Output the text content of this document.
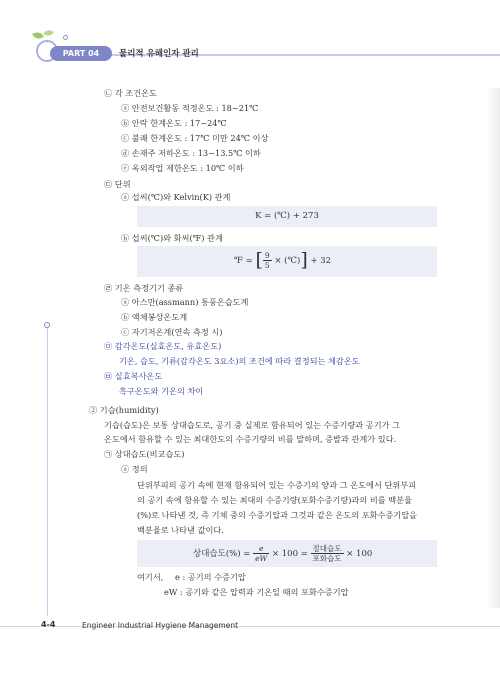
PART 04	물리적 유해인자 관리
㉡ 각 조건온도
ⓐ 안전보건활동 적정온도 : 18~21℃
ⓑ 안락 한계온도 : 17~24℃
ⓒ 불쾌 한계온도 : 17℃ 미만 24℃ 이상
ⓓ 손재주 저하온도 : 13~13.5℃ 이하
ⓔ 옥외작업 제한온도 : 10℃ 이하
㉢ 단위
ⓐ 섭씨(℃)와 Kelvin(K) 관계
K = (℃) + 273
ⓑ 섭씨(℃)와 화씨(℉) 관계
℉ = [ $\frac{9}{5}$ × (℃)] + 32
㉣ 기온 측정기기 종류
ⓐ 아스만(assmann) 통풍온습도계
ⓑ 액체봉상온도계
ⓒ 자기저온계(연속 측정 시)
㉤ 감각온도(실효온도, 유효온도)
기온, 습도, 기류(감각온도 3요소)의 조건에 따라 결정되는 체감온도
㉥ 실효복사온도
흑구온도와 기온의 차이
② 기습(humidity)
기습(습도)은 보통 상대습도로, 공기 중 실제로 함유되어 있는 수증기량과 공기가 그
온도에서 함유할 수 있는 최대한도의 수증기량의 비를 말하며, 증발과 관계가 있다.
㉠ 상대습도(비교습도)
ⓐ 정의
단위부피의 공기 속에 현재 함유되어 있는 수증기의 양과 그 온도에서 단위부피
의 공기 속에 함유할 수 있는 최대의 수증기량(포화수증기량)과의 비를 백분율
(%)로 나타낸 것, 즉 기체 중의 수증기압과 그것과 같은 온도의 포화수증기압을
백분율로 나타낸 값이다.
상대습도(%) = $\frac{e}{eW} \times 100 = \frac{\text{절대습도}}{\text{포화습도}} \times 100$
여기서, e : 공기의 수증기압
eW : 공기와 같은 압력과 기온일 때의 포화수증기압
4-4	Engineer Industrial Hygiene Management
